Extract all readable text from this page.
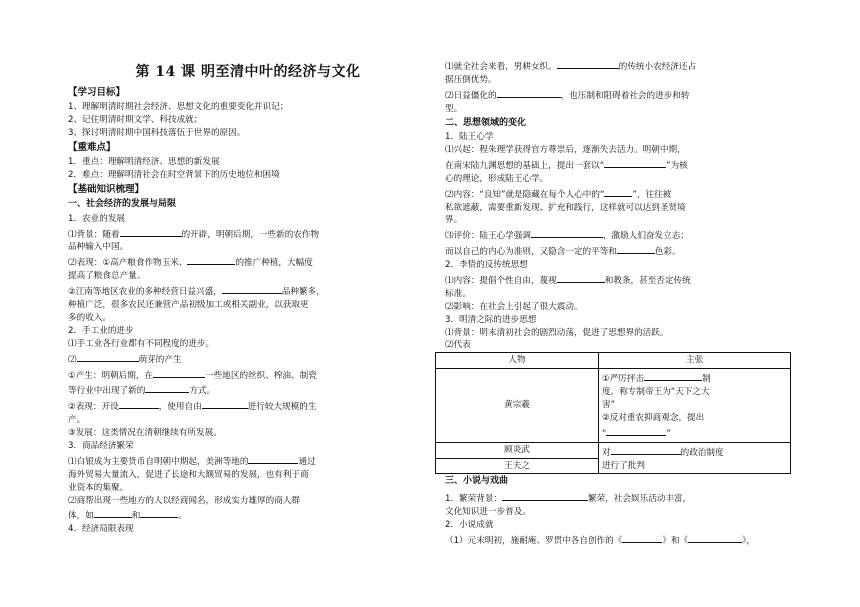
第 14 课 明至清中叶的经济与文化
【学习目标】
1、理解明清时期社会经济、思想文化的重要变化并识记；
2、记住明清时期文学、科技成就；
3、探讨明清时期中国科技落伍于世界的原因。
【重难点】
1．重点：理解明清经济、思想的新发展
2．难点：理解明清社会在时空背景下的历史地位和困境
【基础知识梳理】
一、社会经济的发展与局限
1．农业的发展
⑴背景：随着	的开辟，明朝后期，一些新的农作物
品种输入中国。
⑵表现：①高产粮食作物玉米、	的推广种植，大幅度
提高了粮食总产量。
②江南等地区农业的多种经营日益兴盛，	品种繁多，
种植广泛，很多农民还兼营产品初级加工或相关副业，以获取更
多的收入。
2．手工业的进步
⑴手工业各行业都有不同程度的进步。
⑵	萌芽的产生
①产生：明朝后期，在	一些地区的丝织、榨油、制瓷
等行业中出现了新的	方式。
②表现：开设	，使用自由	进行较大规模的生
产。
③发展：这类情况在清朝继续有所发展。
3．商品经济繁荣
⑴白银成为主要货币自明朝中期起，美洲等地的	通过
海外贸易大量流入，促进了长途和大额贸易的发展，也有利于商
业资本的集聚。
⑵商帮出现一些地方的人以经商闻名，形成实力雄厚的商人群
体，如	和	。
4．经济局限表现
⑴就全社会来看，男耕女织、	的传统小农经济还占
据压倒优势。
⑵日益僵化的	，也压制和阻碍着社会的进步和转
型。
二、思想领域的变化
1．陆王心学
⑴兴起：程朱理学获得官方尊崇后，逐渐失去活力。明朝中期，
在南宋陆九渊思想的基础上，提出一套以“	”为核
心的理论，形成陆王心学。
⑵内容：“良知”就是隐藏在每个人心中的“	”，往往被
私欲遮蔽，需要重新发现、扩充和践行，这样就可以达到圣贤境
界。
⑶评价：陆王心学强调	，激励人们奋发立志；
而以自己的内心为准则，又隐含一定的平等和	色彩。
2．李贽的反传统思想
⑴内容：提倡个性自由，蔑视	和教条，甚至否定传统
标准。
⑵影响：在社会上引起了很大震动。
3．明清之际的进步思想
⑴背景：明末清初社会的剧烈动荡，促进了思想界的活跃。
⑵代表
人物	主张
黄宗羲	①严厉抨击 制
度，称专制帝王为“天下之大
害”
②反对重农抑商观念，提出
“ ”

顾炎武	对 的政治制度
进行了批判

王夫之	
三、小说与戏曲
1．繁荣背景：	繁荣，社会娱乐活动丰富，
文化知识进一步普及。
2．小说成就
（1）元末明初，施耐庵、罗贯中各自创作的《	》和《	》，
